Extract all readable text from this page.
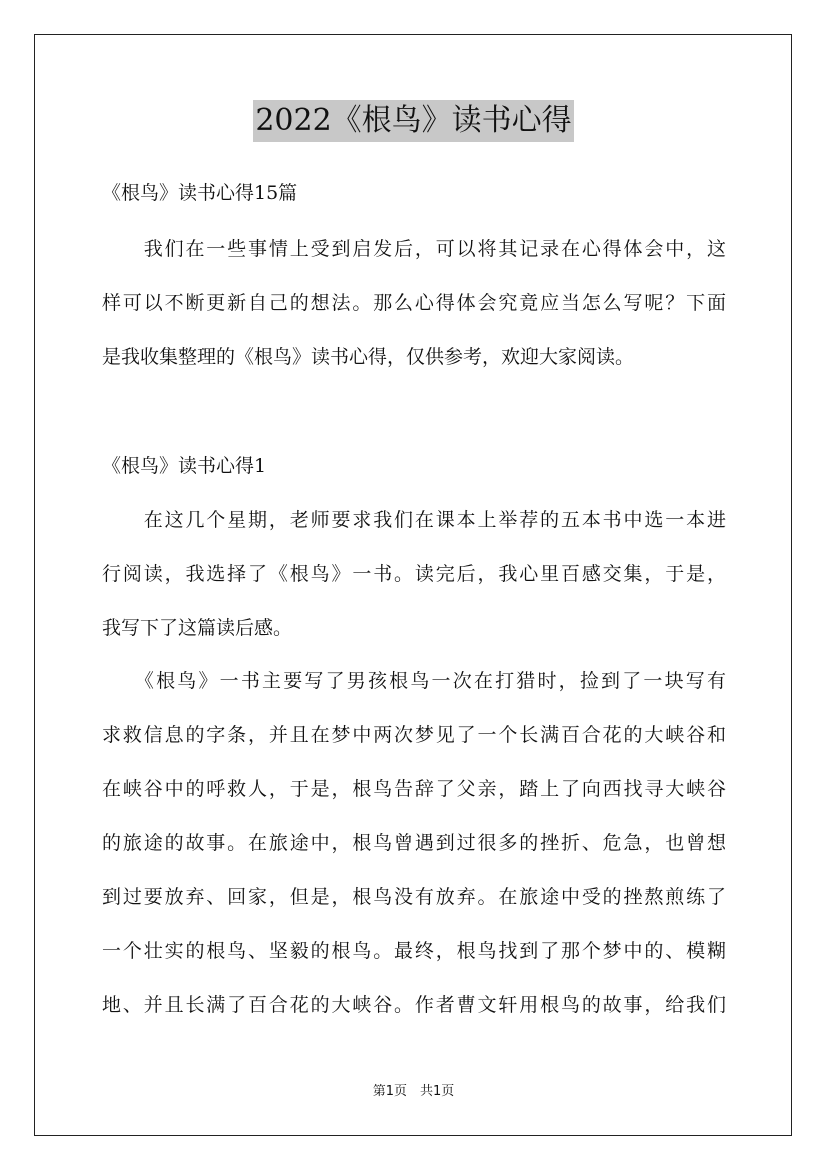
2022《根鸟》读书心得
《根鸟》读书心得15篇
　　我们在一些事情上受到启发后，可以将其记录在心得体会中，这
样可以不断更新自己的想法。那么心得体会究竟应当怎么写呢？下面
是我收集整理的《根鸟》读书心得，仅供参考，欢迎大家阅读。
《根鸟》读书心得1
　　在这几个星期，老师要求我们在课本上举荐的五本书中选一本进
行阅读，我选择了《根鸟》一书。读完后，我心里百感交集，于是，
我写下了这篇读后感。
　　《根鸟》一书主要写了男孩根鸟一次在打猎时，捡到了一块写有
求救信息的字条，并且在梦中两次梦见了一个长满百合花的大峡谷和
在峡谷中的呼救人，于是，根鸟告辞了父亲，踏上了向西找寻大峡谷
的旅途的故事。在旅途中，根鸟曾遇到过很多的挫折、危急，也曾想
到过要放弃、回家，但是，根鸟没有放弃。在旅途中受的挫熬煎练了
一个壮实的根鸟、坚毅的根鸟。最终，根鸟找到了那个梦中的、模糊
地、并且长满了百合花的大峡谷。作者曹文轩用根鸟的故事，给我们
第1页　共1页
